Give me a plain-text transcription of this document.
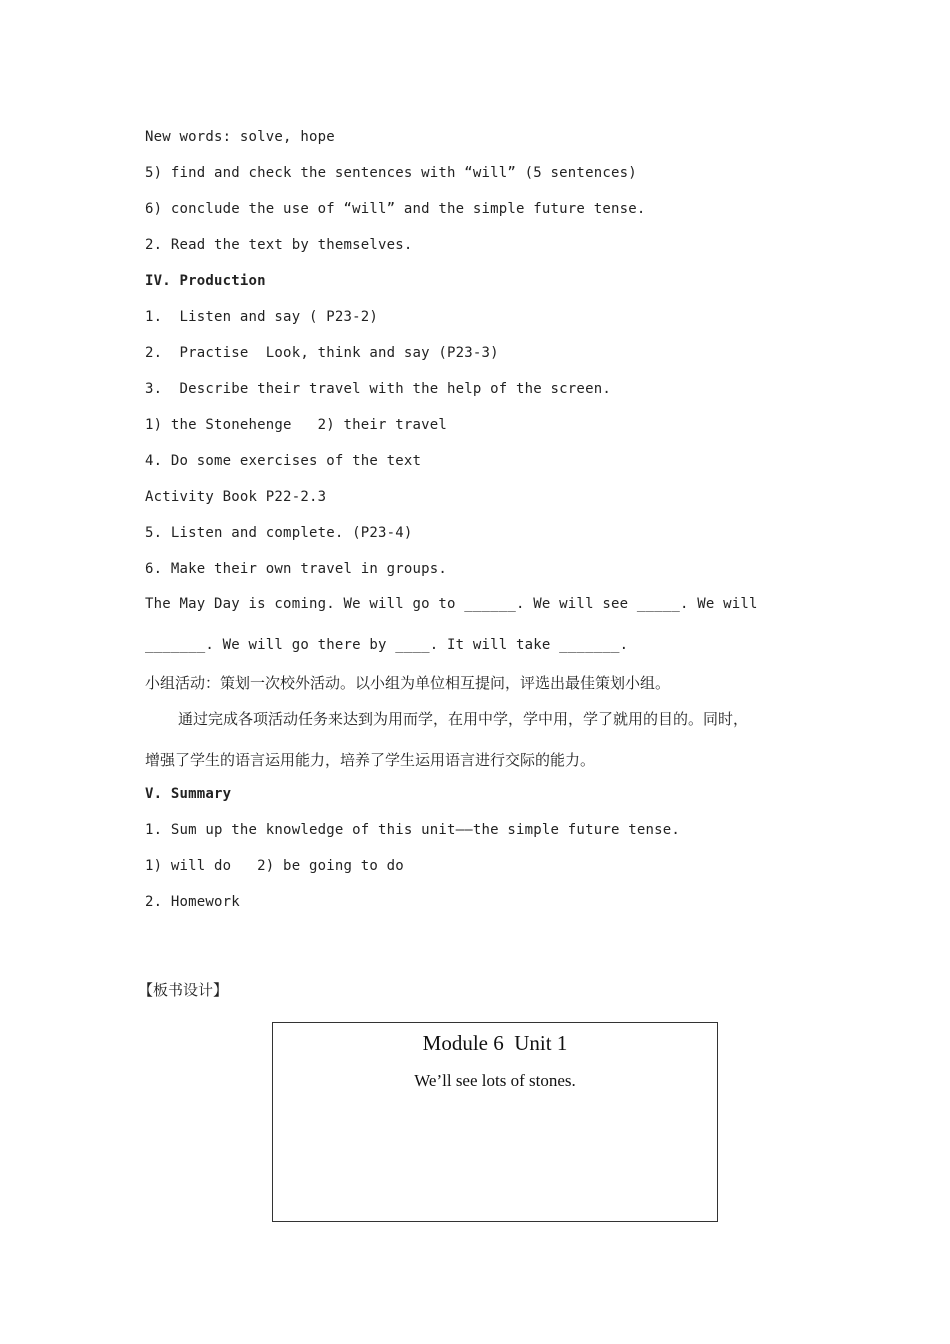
New words: solve, hope
5) find and check the sentences with “will” (5 sentences)
6) conclude the use of “will” and the simple future tense.
2. Read the text by themselves.
IV. Production
1.  Listen and say ( P23-2)
2.  Practise  Look, think and say (P23-3)
3.  Describe their travel with the help of the screen.
1) the Stonehenge   2) their travel
4. Do some exercises of the text
Activity Book P22-2.3
5. Listen and complete. (P23-4)
6. Make their own travel in groups.
The May Day is coming. We will go to ______. We will see _____. We will
_______. We will go there by ____. It will take _______.
小组活动：策划一次校外活动。以小组为单位相互提问，评选出最佳策划小组。
通过完成各项活动任务来达到为用而学，在用中学，学中用，学了就用的目的。同时，
增强了学生的语言运用能力，培养了学生运用语言进行交际的能力。
V. Summary
1. Sum up the knowledge of this unit——the simple future tense.
1) will do   2) be going to do
2. Homework
【板书设计】
Module 6  Unit 1
We’ll see lots of stones.
